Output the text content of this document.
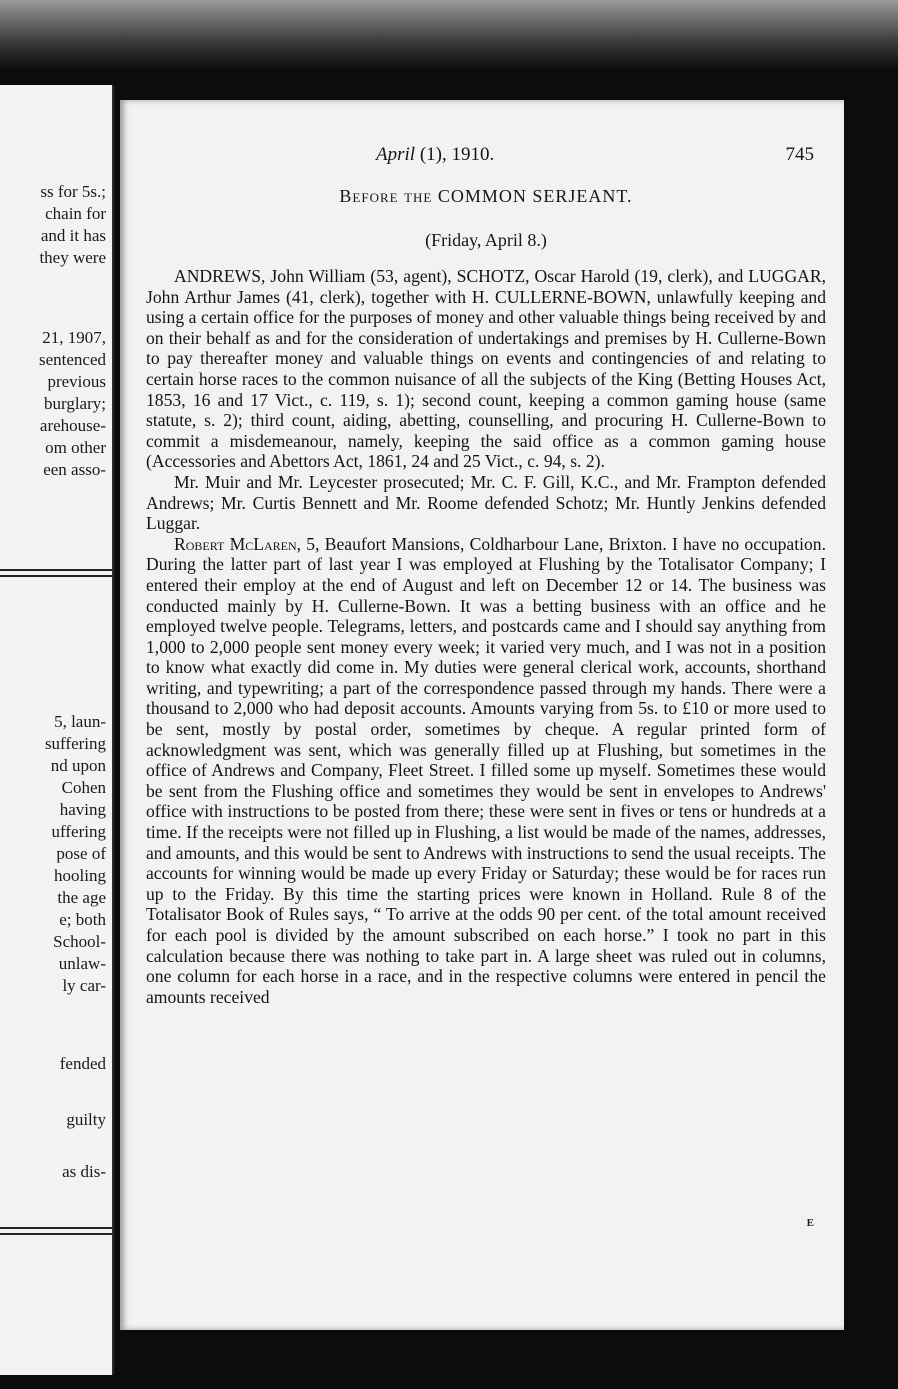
ss for 5s.;
chain for
and it has
they were
21, 1907,
sentenced
previous
burglary;
arehouse-
om other
een asso-
5, laun-
suffering
nd upon
Cohen
having
uffering
pose of
hooling
the age
e; both
School-
unlaw-
ly car-
fended
guilty
as dis-
April (1), 1910.	745
Before the COMMON SERJEANT.
(Friday, April 8.)

ANDREWS, John William (53, agent), SCHOTZ, Oscar Harold (19, clerk), and LUGGAR, John Arthur James (41, clerk), together with H. CULLERNE-BOWN, unlawfully keeping and using a certain office for the purposes of money and other valuable things being received by and on their behalf as and for the consideration of undertakings and premises by H. Cullerne-Bown to pay thereafter money and valuable things on events and contingencies of and relating to certain horse races to the common nuisance of all the subjects of the King (Betting Houses Act, 1853, 16 and 17 Vict., c. 119, s. 1); second count, keeping a common gaming house (same statute, s. 2); third count, aiding, abetting, counselling, and procuring H. Cullerne-Bown to commit a misdemeanour, namely, keeping the said office as a common gaming house (Accessories and Abettors Act, 1861, 24 and 25 Vict., c. 94, s. 2).

Mr. Muir and Mr. Leycester prosecuted; Mr. C. F. Gill, K.C., and Mr. Frampton defended Andrews; Mr. Curtis Bennett and Mr. Roome defended Schotz; Mr. Huntly Jenkins defended Luggar.

Robert McLaren, 5, Beaufort Mansions, Coldharbour Lane, Brixton. I have no occupation. During the latter part of last year I was employed at Flushing by the Totalisator Company; I entered their employ at the end of August and left on December 12 or 14. The business was conducted mainly by H. Cullerne-Bown. It was a betting business with an office and he employed twelve people. Telegrams, letters, and postcards came and I should say anything from 1,000 to 2,000 people sent money every week; it varied very much, and I was not in a position to know what exactly did come in. My duties were general clerical work, accounts, shorthand writing, and typewriting; a part of the correspondence passed through my hands. There were a thousand to 2,000 who had deposit accounts. Amounts varying from 5s. to £10 or more used to be sent, mostly by postal order, sometimes by cheque. A regular printed form of acknowledgment was sent, which was generally filled up at Flushing, but sometimes in the office of Andrews and Company, Fleet Street. I filled some up myself. Sometimes these would be sent from the Flushing office and sometimes they would be sent in envelopes to Andrews' office with instructions to be posted from there; these were sent in fives or tens or hundreds at a time. If the receipts were not filled up in Flushing, a list would be made of the names, addresses, and amounts, and this would be sent to Andrews with instructions to send the usual receipts. The accounts for winning would be made up every Friday or Saturday; these would be for races run up to the Friday. By this time the starting prices were known in Holland. Rule 8 of the Totalisator Book of Rules says, “ To arrive at the odds 90 per cent. of the total amount received for each pool is divided by the amount subscribed on each horse.” I took no part in this calculation because there was nothing to take part in. A large sheet was ruled out in columns, one column for each horse in a race, and in the respective columns were entered in pencil the amounts received

E
